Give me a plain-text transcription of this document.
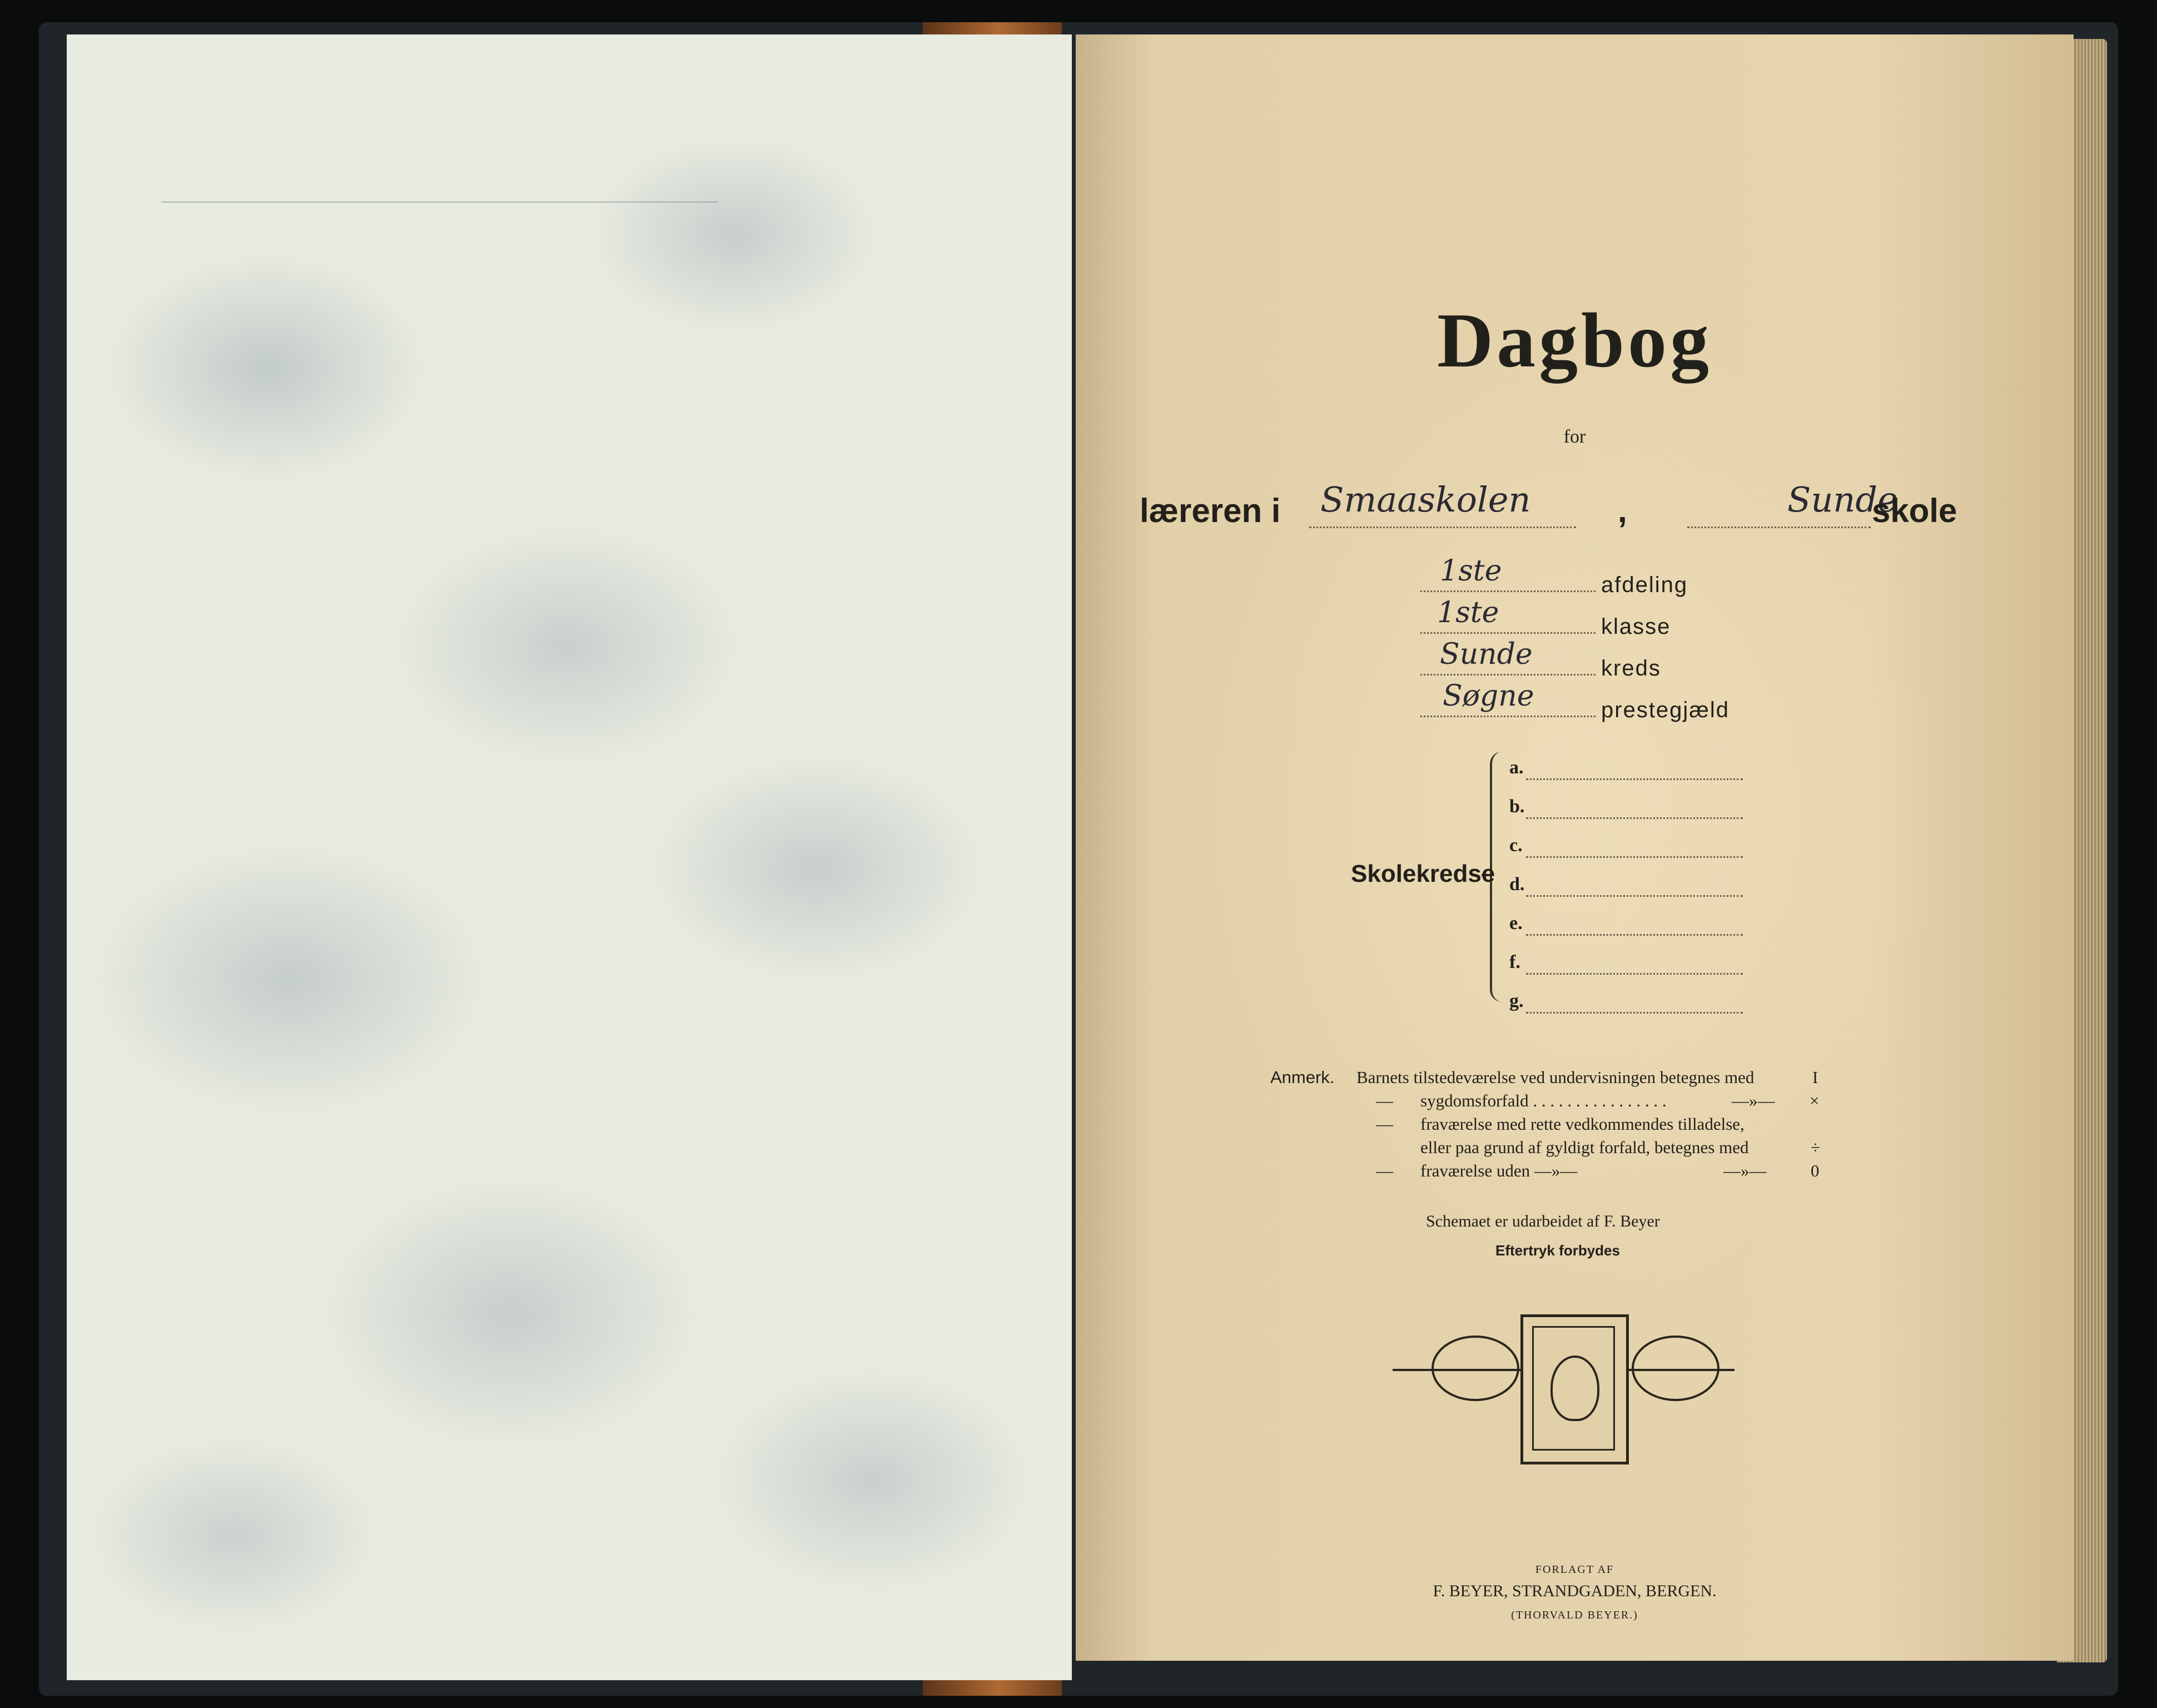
Dagbog
for
læreren i Smaaskolen	,	Sunde
skole
1ste	afdeling
1ste	klasse
Sunde	kreds
Søgne	prestegjæld
Skolekredse
a.
b.
c.
d.
e.
f.
g.
Anmerk. Barnets tilstedeværelse ved undervisningen betegnes med	I
— sygdomsforfald . . . . . . . . . . . . . . . .	—»— ×
— fraværelse med rette vedkommendes tilladelse,
eller paa grund af gyldigt forfald, betegnes med	÷
— fraværelse uden —»—	—»—	0
Schemaet er udarbeidet af F. Beyer
Eftertryk forbydes
FORLAGT AF
F. BEYER, STRANDGADEN, BERGEN.
(THORVALD BEYER.)
